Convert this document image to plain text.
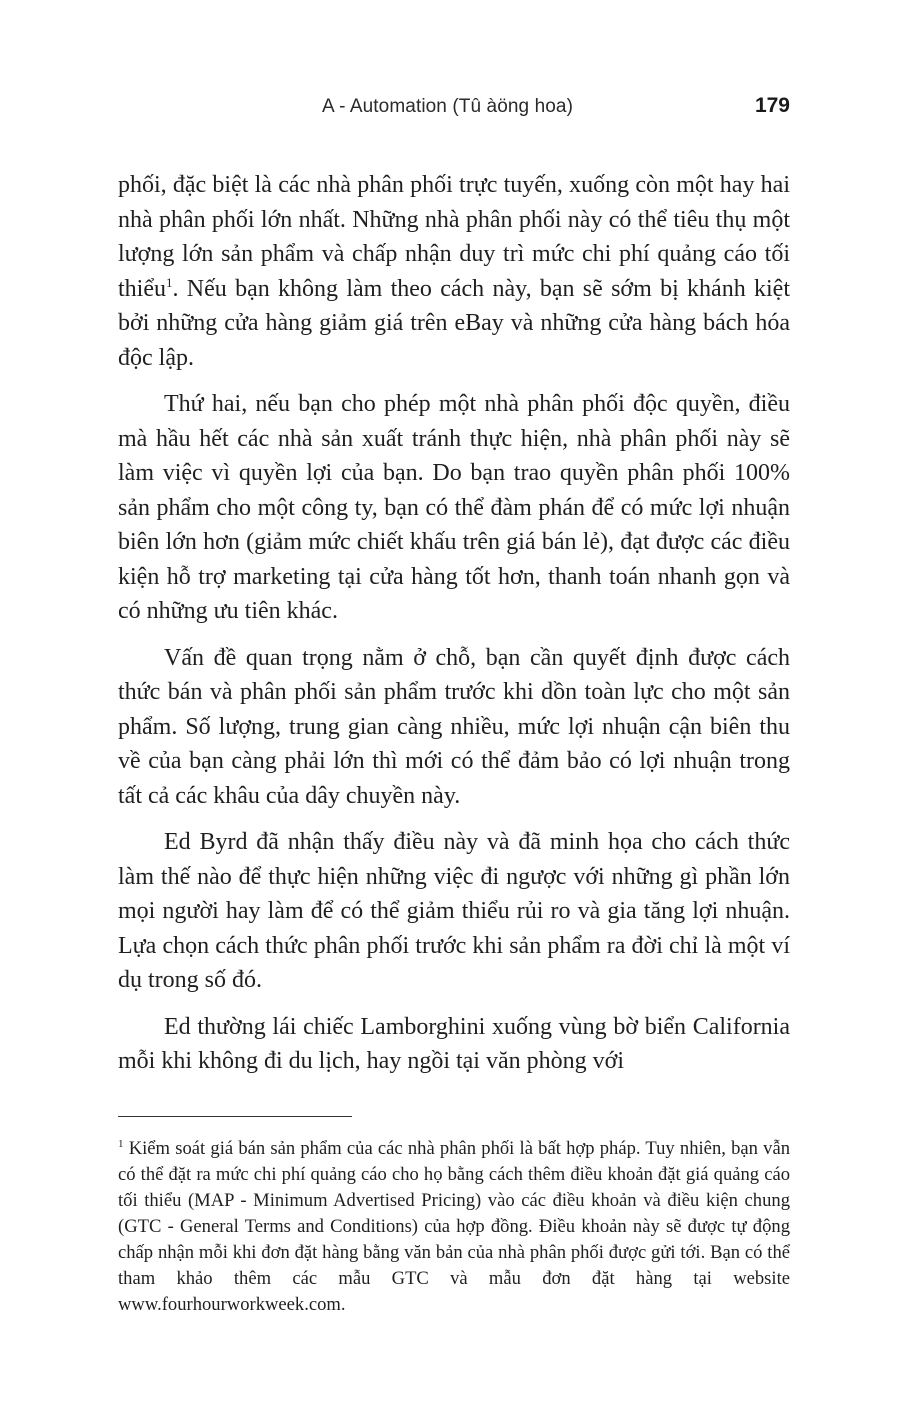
A - Automation (Tû àöng hoa)	179

phối, đặc biệt là các nhà phân phối trực tuyến, xuống còn một hay hai nhà phân phối lớn nhất. Những nhà phân phối này có thể tiêu thụ một lượng lớn sản phẩm và chấp nhận duy trì mức chi phí quảng cáo tối thiểu$^1$. Nếu bạn không làm theo cách này, bạn sẽ sớm bị khánh kiệt bởi những cửa hàng giảm giá trên eBay và những cửa hàng bách hóa độc lập.

Thứ hai, nếu bạn cho phép một nhà phân phối độc quyền, điều mà hầu hết các nhà sản xuất tránh thực hiện, nhà phân phối này sẽ làm việc vì quyền lợi của bạn. Do bạn trao quyền phân phối 100% sản phẩm cho một công ty, bạn có thể đàm phán để có mức lợi nhuận biên lớn hơn (giảm mức chiết khấu trên giá bán lẻ), đạt được các điều kiện hỗ trợ marketing tại cửa hàng tốt hơn, thanh toán nhanh gọn và có những ưu tiên khác.

Vấn đề quan trọng nằm ở chỗ, bạn cần quyết định được cách thức bán và phân phối sản phẩm trước khi dồn toàn lực cho một sản phẩm. Số lượng, trung gian càng nhiều, mức lợi nhuận cận biên thu về của bạn càng phải lớn thì mới có thể đảm bảo có lợi nhuận trong tất cả các khâu của dây chuyền này.

Ed Byrd đã nhận thấy điều này và đã minh họa cho cách thức làm thế nào để thực hiện những việc đi ngược với những gì phần lớn mọi người hay làm để có thể giảm thiểu rủi ro và gia tăng lợi nhuận. Lựa chọn cách thức phân phối trước khi sản phẩm ra đời chỉ là một ví dụ trong số đó.

Ed thường lái chiếc Lamborghini xuống vùng bờ biển California mỗi khi không đi du lịch, hay ngồi tại văn phòng với

$^1$ Kiểm soát giá bán sản phẩm của các nhà phân phối là bất hợp pháp. Tuy nhiên, bạn vẫn có thể đặt ra mức chi phí quảng cáo cho họ bằng cách thêm điều khoản đặt giá quảng cáo tối thiểu (MAP - Minimum Advertised Pricing) vào các điều khoản và điều kiện chung (GTC - General Terms and Conditions) của hợp đồng. Điều khoản này sẽ được tự động chấp nhận mỗi khi đơn đặt hàng bằng văn bản của nhà phân phối được gửi tới. Bạn có thể tham khảo thêm các mẫu GTC và mẫu đơn đặt hàng tại website www.fourhourworkweek.com.
